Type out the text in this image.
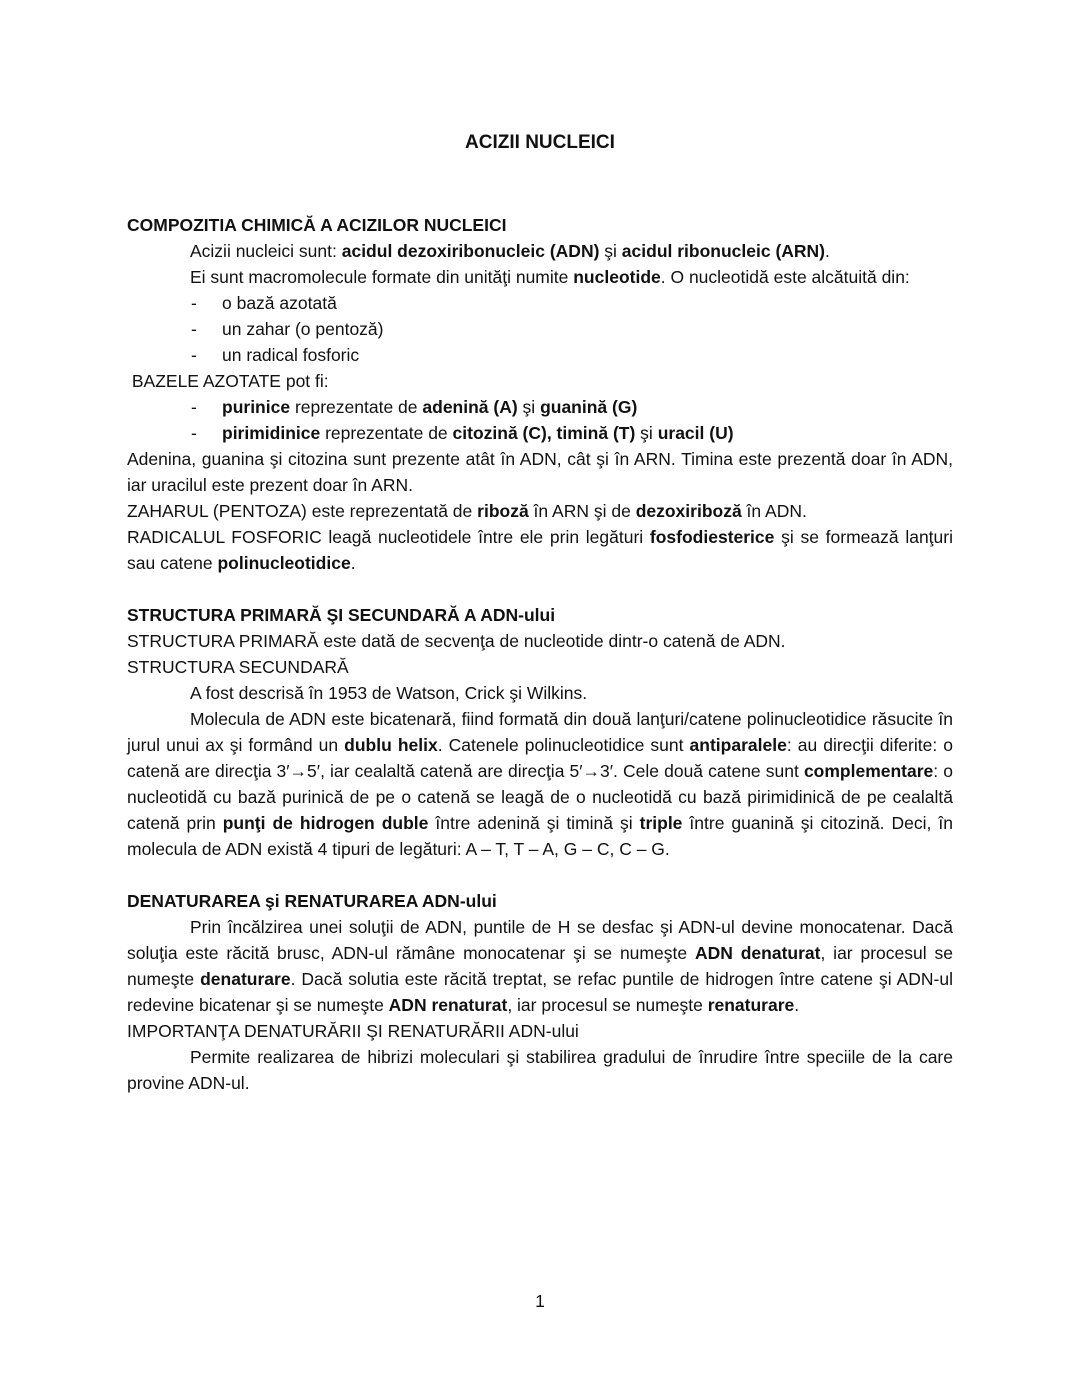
ACIZII NUCLEICI
COMPOZITIA CHIMICĂ A ACIZILOR NUCLEICI

Acizii nucleici sunt: acidul dezoxiribonucleic (ADN) şi acidul ribonucleic (ARN).

Ei sunt macromolecule formate din unităţi numite nucleotide. O nucleotidă este alcătuită din:

- o bază azotată
- un zahar (o pentoză)
- un radical fosforic

BAZELE AZOTATE pot fi:

- purinice reprezentate de adenină (A) şi guanină (G)
- pirimidinice reprezentate de citozină (C), timină (T) şi uracil (U)

Adenina, guanina şi citozina sunt prezente atât în ADN, cât şi în ARN. Timina este prezentă doar în ADN, iar uracilul este prezent doar în ARN.

ZAHARUL (PENTOZA) este reprezentată de riboză în ARN şi de dezoxiriboză în ADN.

RADICALUL FOSFORIC leagă nucleotidele între ele prin legături fosfodiesterice şi se formează lanţuri sau catene polinucleotidice.

STRUCTURA PRIMARĂ ŞI SECUNDARĂ A ADN-ului

STRUCTURA PRIMARĂ este dată de secvenţa de nucleotide dintr-o catenă de ADN.

STRUCTURA SECUNDARĂ

A fost descrisă în 1953 de Watson, Crick şi Wilkins.

Molecula de ADN este bicatenară, fiind formată din două lanţuri/catene polinucleotidice răsucite în jurul unui ax şi formând un dublu helix. Catenele polinucleotidice sunt antiparalele: au direcţii diferite: o catenă are direcţia 3′→5′, iar cealaltă catenă are direcţia 5′→3′. Cele două catene sunt complementare: o nucleotidă cu bază purinică de pe o catenă se leagă de o nucleotidă cu bază pirimidinică de pe cealaltă catenă prin punţi de hidrogen duble între adenină şi timină şi triple între guanină şi citozină. Deci, în molecula de ADN există 4 tipuri de legături: A – T, T – A, G – C, C – G.

DENATURAREA şi RENATURAREA ADN-ului

Prin încălzirea unei soluţii de ADN, puntile de H se desfac şi ADN-ul devine monocatenar. Dacă soluţia este răcită brusc, ADN-ul rămâne monocatenar şi se numeşte ADN denaturat, iar procesul se numeşte denaturare. Dacă solutia este răcită treptat, se refac puntile de hidrogen între catene şi ADN-ul redevine bicatenar şi se numeşte ADN renaturat, iar procesul se numeşte renaturare.

IMPORTANŢA DENATURĂRII ŞI RENATURĂRII ADN-ului

Permite realizarea de hibrizi moleculari şi stabilirea gradului de înrudire între speciile de la care provine ADN-ul.

1
